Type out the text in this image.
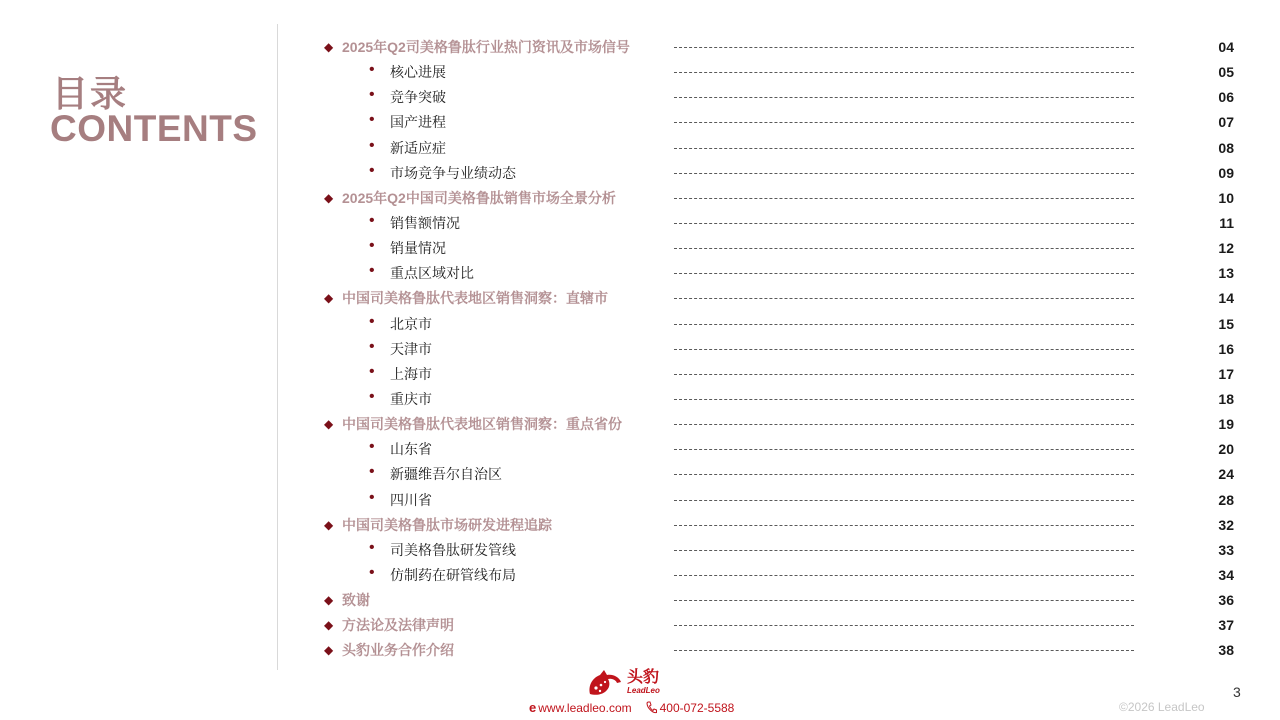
目录
CONTENTS
◆ 2025年Q2司美格鲁肽行业热门资讯及市场信号	04
• 核心进展	05
• 竞争突破	06
• 国产进程	07
• 新适应症	08
• 市场竞争与业绩动态	09
◆ 2025年Q2中国司美格鲁肽销售市场全景分析	10
• 销售额情况	11
• 销量情况	12
• 重点区域对比	13
◆ 中国司美格鲁肽代表地区销售洞察：直辖市	14
• 北京市	15
• 天津市	16
• 上海市	17
• 重庆市	18
◆ 中国司美格鲁肽代表地区销售洞察：重点省份	19
• 山东省	20
• 新疆维吾尔自治区	24
• 四川省	28
◆ 中国司美格鲁肽市场研发进程追踪	32
• 司美格鲁肽研发管线	33
• 仿制药在研管线布局	34
◆ 致谢	36
◆ 方法论及法律声明	37
◆ 头豹业务合作介绍	38
头豹
LeadLeo
e www.leadleo.com 400-072-5588
3
©2026 LeadLeo
